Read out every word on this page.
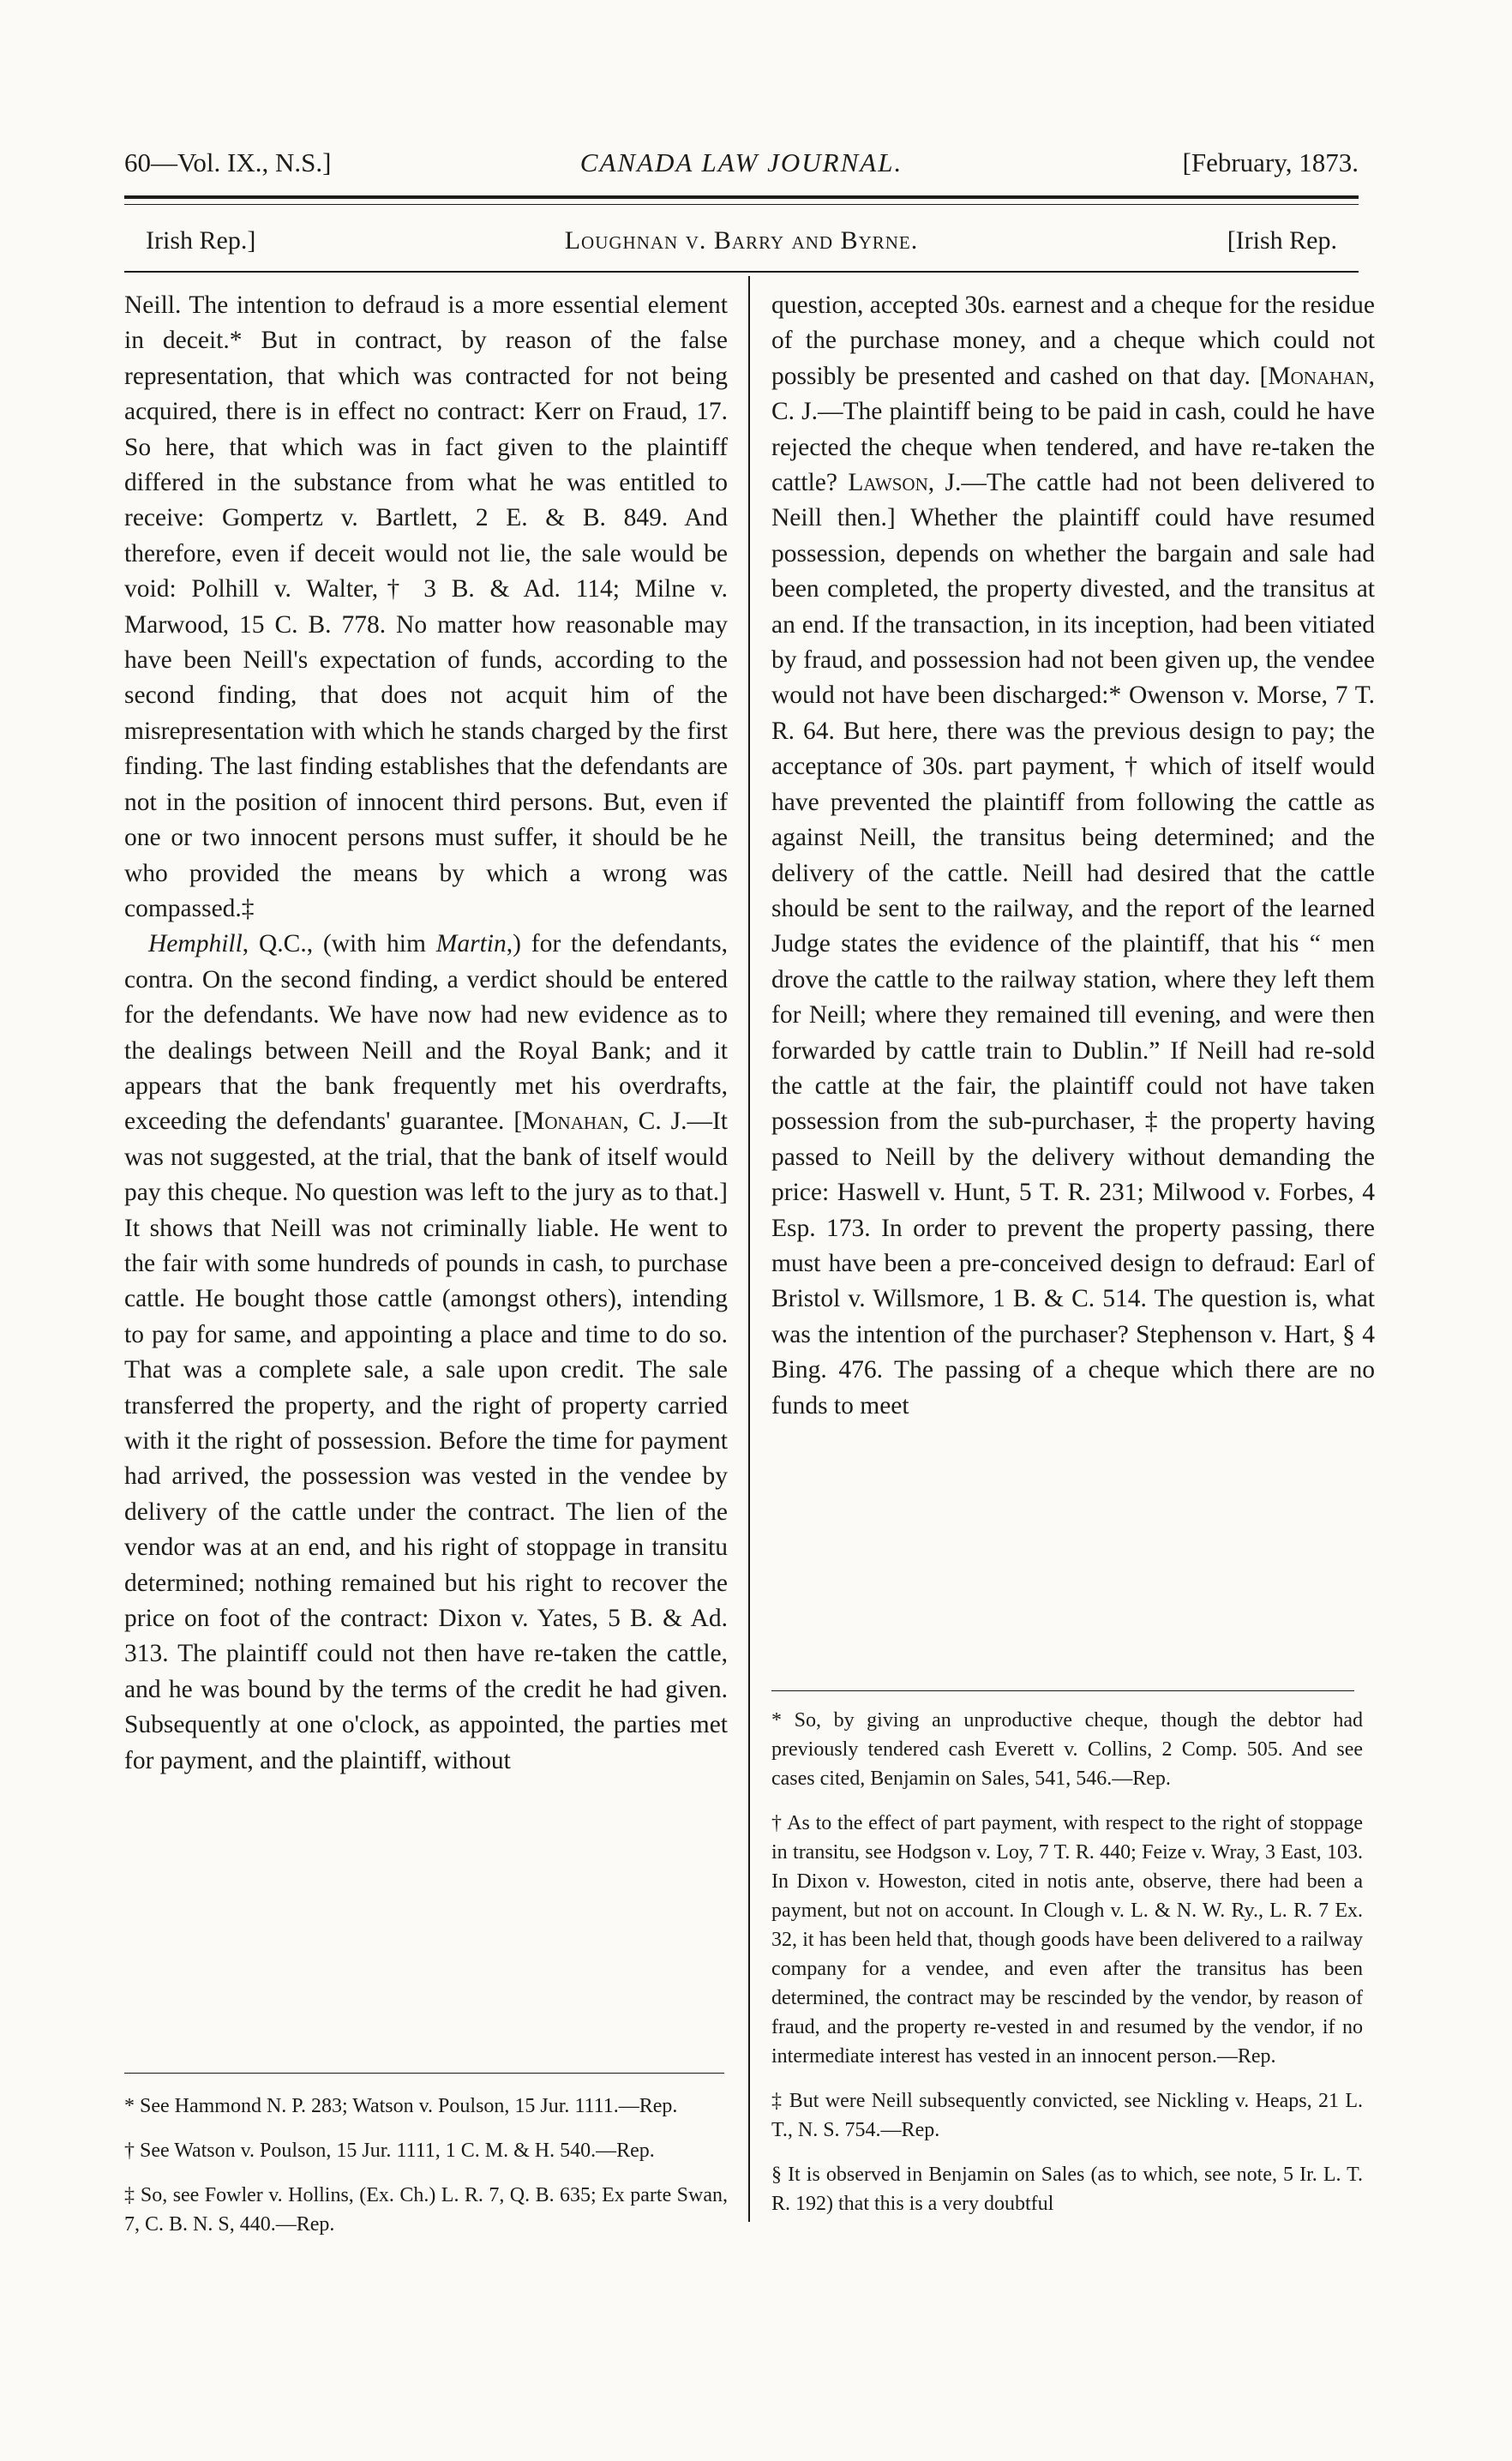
60—Vol. IX., N.S.]	CANADA LAW JOURNAL.	[February, 1873.
Irish Rep.]	Loughnan v. Barry and Byrne.	[Irish Rep.

Neill. The intention to defraud is a more essential element in deceit.* But in contract, by reason of the false representation, that which was contracted for not being acquired, there is in effect no contract: Kerr on Fraud, 17. So here, that which was in fact given to the plaintiff differed in the substance from what he was entitled to receive: Gompertz v. Bartlett, 2 E. & B. 849. And therefore, even if deceit would not lie, the sale would be void: Polhill v. Walter,† 3 B. & Ad. 114; Milne v. Marwood, 15 C. B. 778. No matter how reasonable may have been Neill's expectation of funds, according to the second finding, that does not acquit him of the misrepresentation with which he stands charged by the first finding. The last finding establishes that the defendants are not in the position of innocent third persons. But, even if one or two innocent persons must suffer, it should be he who provided the means by which a wrong was compassed.‡

Hemphill, Q.C., (with him Martin,) for the defendants, contra. On the second finding, a verdict should be entered for the defendants. We have now had new evidence as to the dealings between Neill and the Royal Bank; and it appears that the bank frequently met his overdrafts, exceeding the defendants' guarantee. [Monahan, C. J.—It was not suggested, at the trial, that the bank of itself would pay this cheque. No question was left to the jury as to that.] It shows that Neill was not criminally liable. He went to the fair with some hundreds of pounds in cash, to purchase cattle. He bought those cattle (amongst others), intending to pay for same, and appointing a place and time to do so. That was a complete sale, a sale upon credit. The sale transferred the property, and the right of property carried with it the right of possession. Before the time for payment had arrived, the possession was vested in the vendee by delivery of the cattle under the contract. The lien of the vendor was at an end, and his right of stoppage in transitu determined; nothing remained but his right to recover the price on foot of the contract: Dixon v. Yates, 5 B. & Ad. 313. The plaintiff could not then have re-taken the cattle, and he was bound by the terms of the credit he had given. Subsequently at one o'clock, as appointed, the parties met for payment, and the plaintiff, without

question, accepted 30s. earnest and a cheque for the residue of the purchase money, and a cheque which could not possibly be presented and cashed on that day. [Monahan, C. J.—The plaintiff being to be paid in cash, could he have rejected the cheque when tendered, and have re-taken the cattle? Lawson, J.—The cattle had not been delivered to Neill then.] Whether the plaintiff could have resumed possession, depends on whether the bargain and sale had been completed, the property divested, and the transitus at an end. If the transaction, in its inception, had been vitiated by fraud, and possession had not been given up, the vendee would not have been discharged:* Owenson v. Morse, 7 T. R. 64. But here, there was the previous design to pay; the acceptance of 30s. part payment, † which of itself would have prevented the plaintiff from following the cattle as against Neill, the transitus being determined; and the delivery of the cattle. Neill had desired that the cattle should be sent to the railway, and the report of the learned Judge states the evidence of the plaintiff, that his “ men drove the cattle to the railway station, where they left them for Neill; where they remained till evening, and were then forwarded by cattle train to Dublin.” If Neill had re-sold the cattle at the fair, the plaintiff could not have taken possession from the sub-purchaser, ‡ the property having passed to Neill by the delivery without demanding the price: Haswell v. Hunt, 5 T. R. 231; Milwood v. Forbes, 4 Esp. 173. In order to prevent the property passing, there must have been a pre-conceived design to defraud: Earl of Bristol v. Willsmore, 1 B. & C. 514. The question is, what was the intention of the purchaser? Stephenson v. Hart, § 4 Bing. 476. The passing of a cheque which there are no funds to meet

* See Hammond N. P. 283; Watson v. Poulson, 15 Jur. 1111.—Rep.

† See Watson v. Poulson, 15 Jur. 1111, 1 C. M. & H. 540.—Rep.

‡ So, see Fowler v. Hollins, (Ex. Ch.) L. R. 7, Q. B. 635; Ex parte Swan, 7, C. B. N. S, 440.—Rep.

* So, by giving an unproductive cheque, though the debtor had previously tendered cash Everett v. Collins, 2 Comp. 505. And see cases cited, Benjamin on Sales, 541, 546.—Rep.

† As to the effect of part payment, with respect to the right of stoppage in transitu, see Hodgson v. Loy, 7 T. R. 440; Feize v. Wray, 3 East, 103. In Dixon v. Howeston, cited in notis ante, observe, there had been a payment, but not on account. In Clough v. L. & N. W. Ry., L. R. 7 Ex. 32, it has been held that, though goods have been delivered to a railway company for a vendee, and even after the transitus has been determined, the contract may be rescinded by the vendor, by reason of fraud, and the property re-vested in and resumed by the vendor, if no intermediate interest has vested in an innocent person.—Rep.

‡ But were Neill subsequently convicted, see Nickling v. Heaps, 21 L. T., N. S. 754.—Rep.

§ It is observed in Benjamin on Sales (as to which, see note, 5 Ir. L. T. R. 192) that this is a very doubtful
